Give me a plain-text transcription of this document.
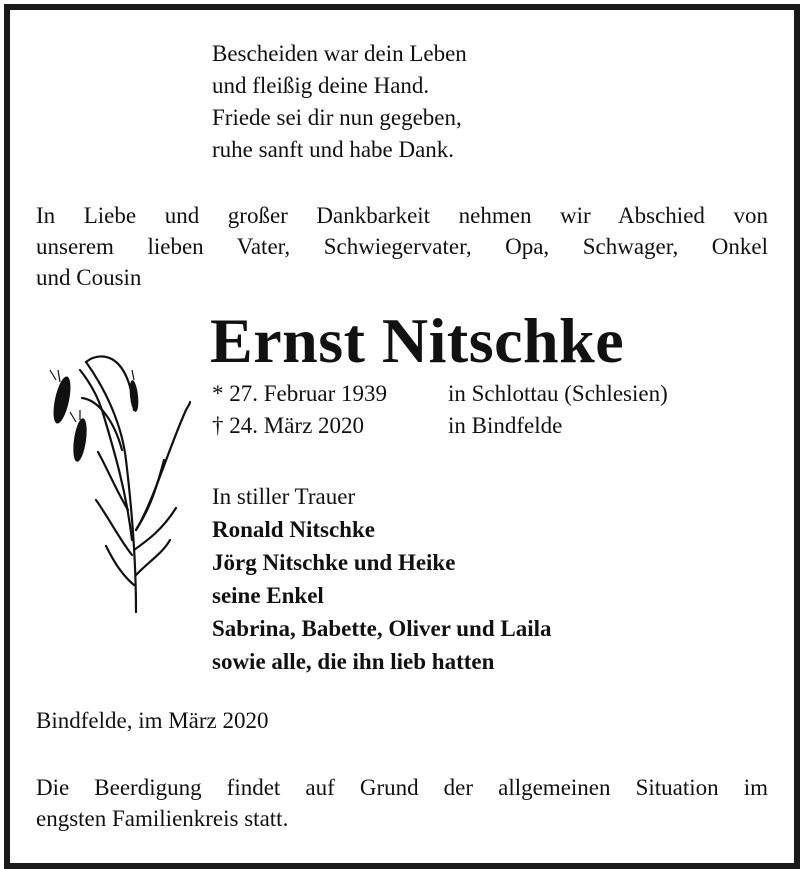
Bescheiden war dein Leben
und fleißig deine Hand.
Friede sei dir nun gegeben,
ruhe sanft und habe Dank.
In Liebe und großer Dankbarkeit nehmen wir Abschied von
unserem lieben Vater, Schwiegervater, Opa, Schwager, Onkel
und Cousin
Ernst Nitschke
* 27. Februar 1939	in Schlottau (Schlesien)
† 24. März 2020	in Bindfelde
In stiller Trauer
Ronald Nitschke
Jörg Nitschke und Heike
seine Enkel
Sabrina, Babette, Oliver und Laila
sowie alle, die ihn lieb hatten
Bindfelde, im März 2020
Die Beerdigung findet auf Grund der allgemeinen Situation im
engsten Familienkreis statt.
